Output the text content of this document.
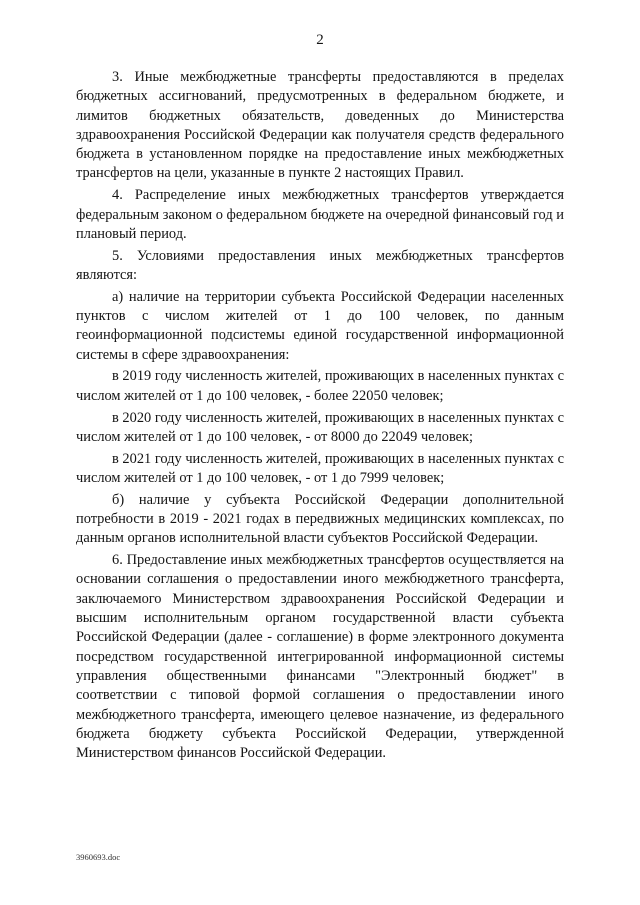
2

3. Иные межбюджетные трансферты предоставляются в пределах бюджетных ассигнований, предусмотренных в федеральном бюджете, и лимитов бюджетных обязательств, доведенных до Министерства здравоохранения Российской Федерации как получателя средств федерального бюджета в установленном порядке на предоставление иных межбюджетных трансфертов на цели, указанные в пункте 2 настоящих Правил.

4. Распределение иных межбюджетных трансфертов утверждается федеральным законом о федеральном бюджете на очередной финансовый год и плановый период.

5. Условиями предоставления иных межбюджетных трансфертов являются:

а) наличие на территории субъекта Российской Федерации населенных пунктов с числом жителей от 1 до 100 человек, по данным геоинформационной подсистемы единой государственной информационной системы в сфере здравоохранения:

в 2019 году численность жителей, проживающих в населенных пунктах с числом жителей от 1 до 100 человек, - более 22050 человек;

в 2020 году численность жителей, проживающих в населенных пунктах с числом жителей от 1 до 100 человек, - от 8000 до 22049 человек;

в 2021 году численность жителей, проживающих в населенных пунктах с числом жителей от 1 до 100 человек, - от 1 до 7999 человек;

б) наличие у субъекта Российской Федерации дополнительной потребности в 2019 - 2021 годах в передвижных медицинских комплексах, по данным органов исполнительной власти субъектов Российской Федерации.

6. Предоставление иных межбюджетных трансфертов осуществляется на основании соглашения о предоставлении иного межбюджетного трансферта, заключаемого Министерством здравоохранения Российской Федерации и высшим исполнительным органом государственной власти субъекта Российской Федерации (далее - соглашение) в форме электронного документа посредством государственной интегрированной информационной системы управления общественными финансами "Электронный бюджет" в соответствии с типовой формой соглашения о предоставлении иного межбюджетного трансферта, имеющего целевое назначение, из федерального бюджета бюджету субъекта Российской Федерации, утвержденной Министерством финансов Российской Федерации.

3960693.doc
